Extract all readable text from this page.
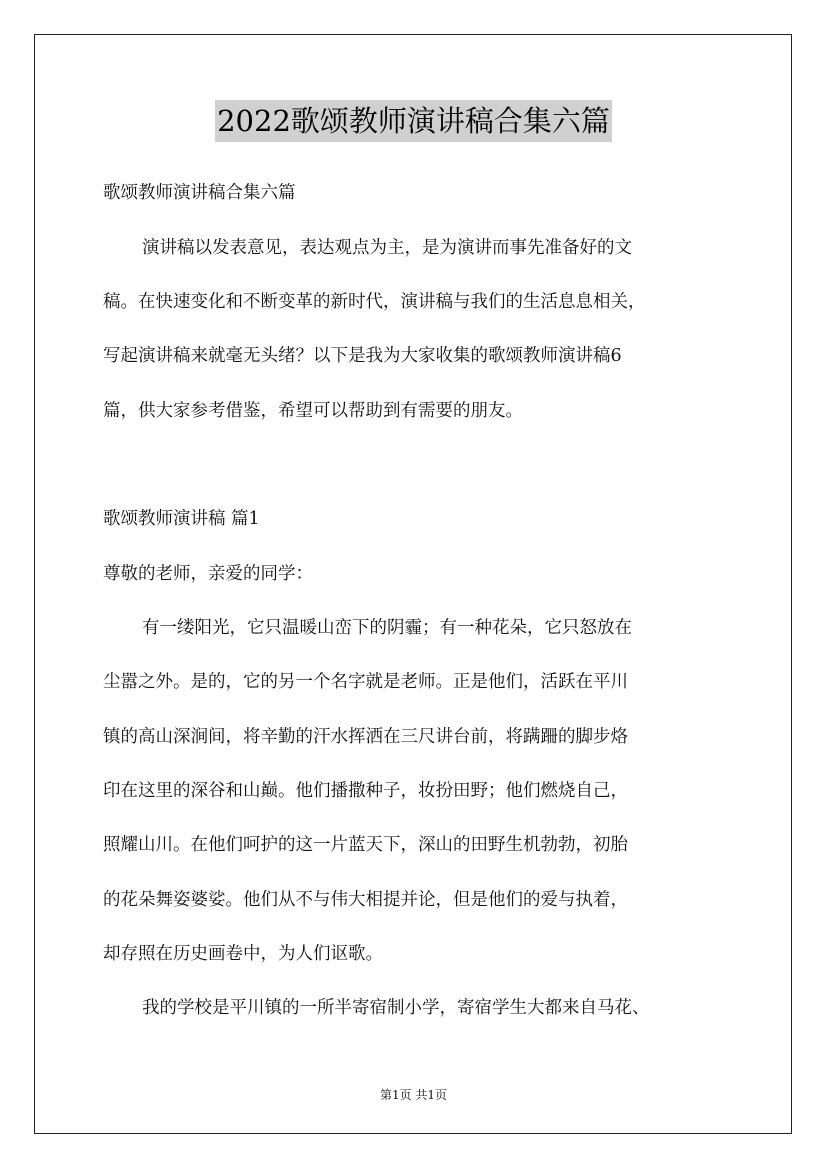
2022歌颂教师演讲稿合集六篇
歌颂教师演讲稿合集六篇
演讲稿以发表意见，表达观点为主，是为演讲而事先准备好的文
稿。在快速变化和不断变革的新时代，演讲稿与我们的生活息息相关，
写起演讲稿来就毫无头绪？以下是我为大家收集的歌颂教师演讲稿6
篇，供大家参考借鉴，希望可以帮助到有需要的朋友。
歌颂教师演讲稿 篇1
尊敬的老师，亲爱的同学：
有一缕阳光，它只温暖山峦下的阴霾；有一种花朵，它只怒放在
尘嚣之外。是的，它的另一个名字就是老师。正是他们，活跃在平川
镇的高山深涧间，将辛勤的汗水挥洒在三尺讲台前，将蹒跚的脚步烙
印在这里的深谷和山巅。他们播撒种子，妆扮田野；他们燃烧自己，
照耀山川。在他们呵护的这一片蓝天下，深山的田野生机勃勃，初胎
的花朵舞姿婆娑。他们从不与伟大相提并论，但是他们的爱与执着，
却存照在历史画卷中，为人们讴歌。
我的学校是平川镇的一所半寄宿制小学，寄宿学生大都来自马花、
第1页 共1页
